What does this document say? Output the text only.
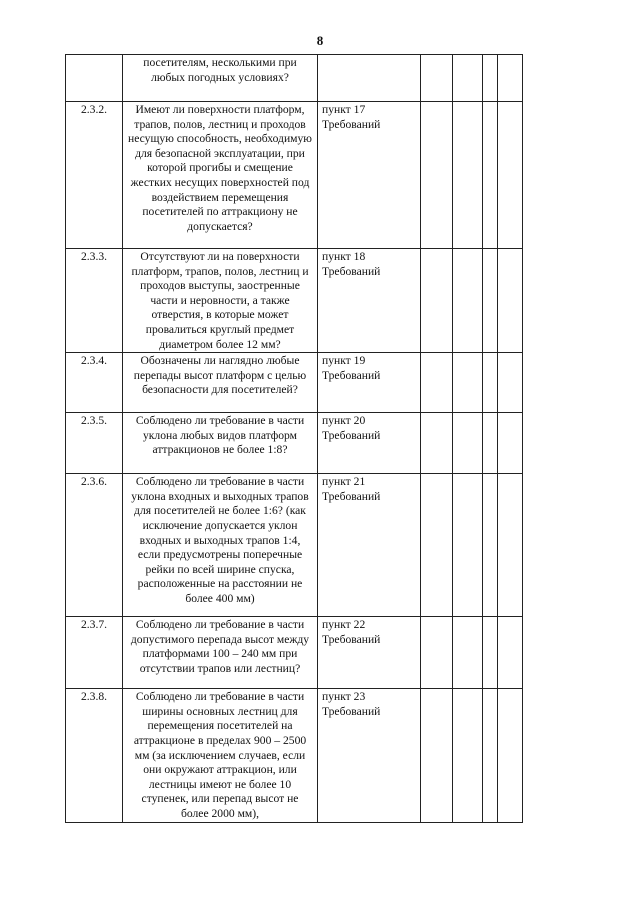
8
	посетителям, несколькими при любых погодных условиях?					
2.3.2.	Имеют ли поверхности платформ, трапов, полов, лестниц и проходов несущую способность, необходимую для безопасной эксплуатации, при которой прогибы и смещение жестких несущих поверхностей под воздействием перемещения посетителей по аттракциону не допускается?	пункт 17 Требований				
2.3.3.	Отсутствуют ли на поверхности платформ, трапов, полов, лестниц и проходов выступы, заостренные части и неровности, а также отверстия, в которые может провалиться круглый предмет диаметром более 12 мм?	пункт 18 Требований				
2.3.4.	Обозначены ли наглядно любые перепады высот платформ с целью безопасности для посетителей?	пункт 19 Требований				
2.3.5.	Соблюдено ли требование в части уклона любых видов платформ аттракционов не более 1:8?	пункт 20 Требований				
2.3.6.	Соблюдено ли требование в части уклона входных и выходных трапов для посетителей не более 1:6? (как исключение допускается уклон входных и выходных трапов 1:4, если предусмотрены поперечные рейки по всей ширине спуска, расположенные на расстоянии не более 400 мм)	пункт 21 Требований				
2.3.7.	Соблюдено ли требование в части допустимого перепада высот между платформами 100 – 240 мм при отсутствии трапов или лестниц?	пункт 22 Требований				
2.3.8.	Соблюдено ли требование в части ширины основных лестниц для перемещения посетителей на аттракционе в пределах 900 – 2500 мм (за исключением случаев, если они окружают аттракцион, или лестницы имеют не более 10 ступенек, или перепад высот не более 2000 мм),	пункт 23 Требований				
